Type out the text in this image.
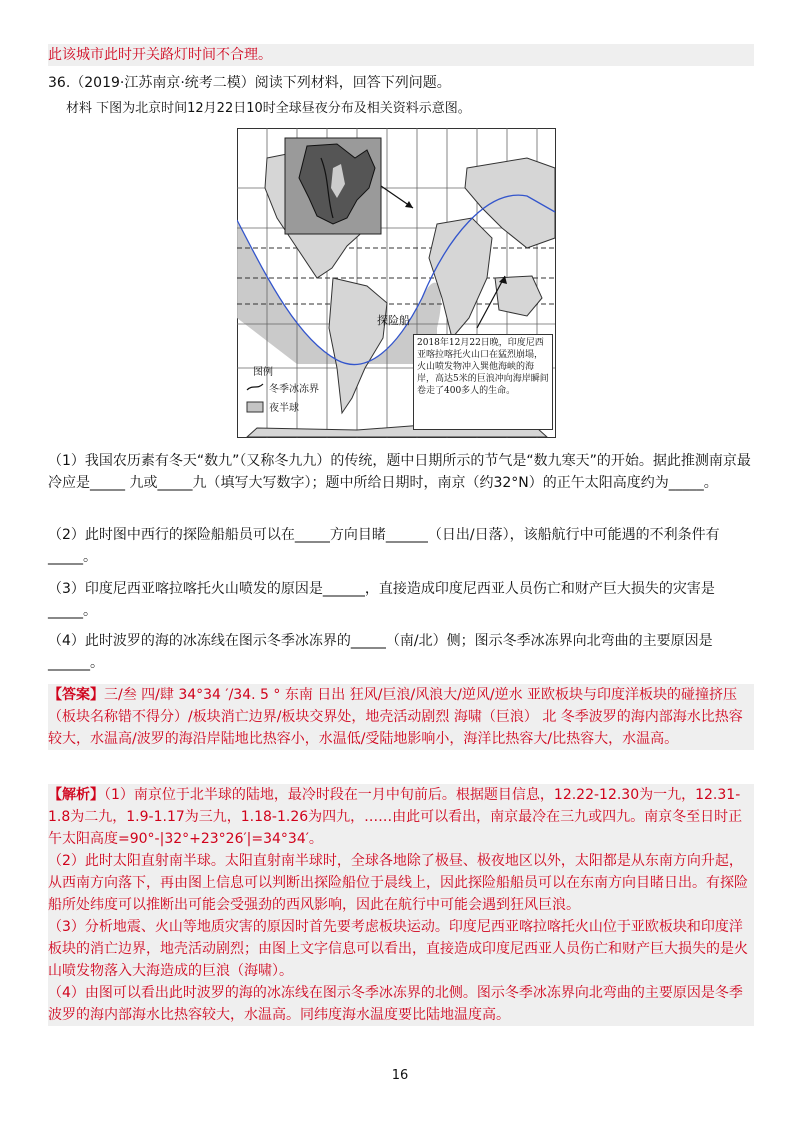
此该城市此时开关路灯时间不合理。
36.（2019·江苏南京·统考二模）阅读下列材料，回答下列问题。
材料 下图为北京时间12月22日10时全球昼夜分布及相关资料示意图。
探险船
图例
冬季冰冻界
夜半球
2018年12月22日晚，印度尼西亚喀拉喀托火山口在猛烈崩塌，火山喷发物冲入巽他海峡的海岸，高达5米的巨浪冲向海岸瞬间卷走了400多人的生命。

（1）我国农历素有冬天“数九”（又称冬九九）的传统，题中日期所示的节气是“数九寒天”的开始。据此推测南京最冷应是_____ 九或_____九（填写大写数字）；题中所给日期时，南京（约32°N）的正午太阳高度约为_____。

（2）此时图中西行的探险船船员可以在_____方向目睹______（日出/日落），该船航行中可能遇的不利条件有_____。

（3）印度尼西亚喀拉喀托火山喷发的原因是______，直接造成印度尼西亚人员伤亡和财产巨大损失的灾害是_____。

（4）此时波罗的海的冰冻线在图示冬季冰冻界的_____（南/北）侧；图示冬季冰冻界向北弯曲的主要原因是______。

【答案】三/叁 四/肆 34°34 ′/34. 5 ° 东南 日出 狂风/巨浪/风浪大/逆风/逆水 亚欧板块与印度洋板块的碰撞挤压（板块名称错不得分）/板块消亡边界/板块交界处，地壳活动剧烈 海啸（巨浪） 北 冬季波罗的海内部海水比热容较大，水温高/波罗的海沿岸陆地比热容小，水温低/受陆地影响小，海洋比热容大/比热容大，水温高。

【解析】（1）南京位于北半球的陆地，最冷时段在一月中旬前后。根据题目信息，12.22-12.30为一九，12.31-1.8为二九，1.9-1.17为三九，1.18-1.26为四九，……由此可以看出，南京最冷在三九或四九。南京冬至日时正午太阳高度=90°-|32°+23°26′|=34°34′。

（2）此时太阳直射南半球。太阳直射南半球时，全球各地除了极昼、极夜地区以外，太阳都是从东南方向升起，从西南方向落下，再由图上信息可以判断出探险船位于晨线上，因此探险船船员可以在东南方向目睹日出。有探险船所处纬度可以推断出可能会受强劲的西风影响，因此在航行中可能会遇到狂风巨浪。

（3）分析地震、火山等地质灾害的原因时首先要考虑板块运动。印度尼西亚喀拉喀托火山位于亚欧板块和印度洋板块的消亡边界，地壳活动剧烈；由图上文字信息可以看出，直接造成印度尼西亚人员伤亡和财产巨大损失的是火山喷发物落入大海造成的巨浪（海啸）。

（4）由图可以看出此时波罗的海的冰冻线在图示冬季冰冻界的北侧。图示冬季冰冻界向北弯曲的主要原因是冬季波罗的海内部海水比热容较大，水温高。同纬度海水温度要比陆地温度高。

16
